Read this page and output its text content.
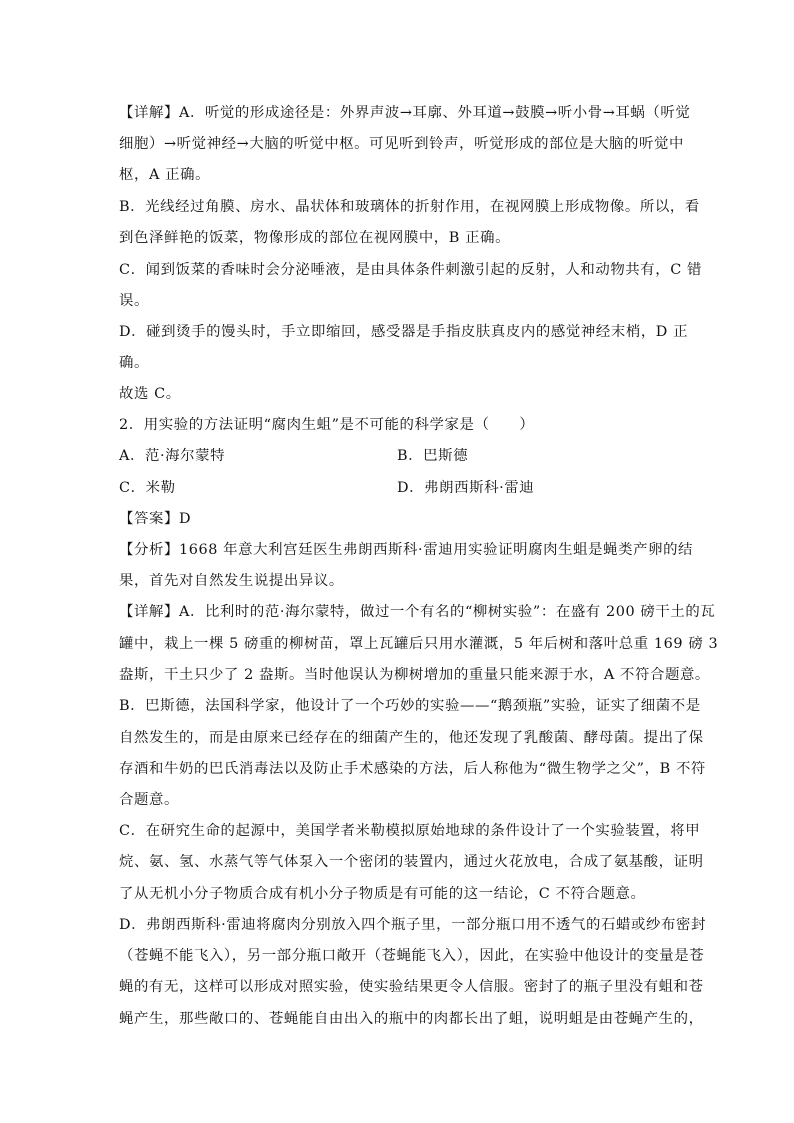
【详解】A．听觉的形成途径是：外界声波→耳廓、外耳道→鼓膜→听小骨→耳蜗（听觉
细胞）→听觉神经→大脑的听觉中枢。可见听到铃声，听觉形成的部位是大脑的听觉中
枢，A 正确。
B．光线经过角膜、房水、晶状体和玻璃体的折射作用，在视网膜上形成物像。所以，看
到色泽鲜艳的饭菜，物像形成的部位在视网膜中，B 正确。
C．闻到饭菜的香味时会分泌唾液，是由具体条件刺激引起的反射，人和动物共有，C 错
误。
D．碰到烫手的馒头时，手立即缩回，感受器是手指皮肤真皮内的感觉神经末梢，D 正
确。
故选 C。
2．用实验的方法证明“腐肉生蛆”是不可能的科学家是（　　）
A．范·海尔蒙特	B．巴斯德
C．米勒	D．弗朗西斯科·雷迪
【答案】D
【分析】1668 年意大利宫廷医生弗朗西斯科·雷迪用实验证明腐肉生蛆是蝇类产卵的结
果，首先对自然发生说提出异议。
【详解】A．比利时的范·海尔蒙特，做过一个有名的“柳树实验”：在盛有 200 磅干土的瓦
罐中，栽上一棵 5 磅重的柳树苗，罩上瓦罐后只用水灌溉，5 年后树和落叶总重 169 磅 3
盎斯，干土只少了 2 盎斯。当时他误认为柳树增加的重量只能来源于水，A 不符合题意。
B．巴斯德，法国科学家，他设计了一个巧妙的实验——“鹅颈瓶”实验，证实了细菌不是
自然发生的，而是由原来已经存在的细菌产生的，他还发现了乳酸菌、酵母菌。提出了保
存酒和牛奶的巴氏消毒法以及防止手术感染的方法，后人称他为“微生物学之父”，B 不符
合题意。
C．在研究生命的起源中，美国学者米勒模拟原始地球的条件设计了一个实验装置，将甲
烷、氨、氢、水蒸气等气体泵入一个密闭的装置内，通过火花放电，合成了氨基酸，证明
了从无机小分子物质合成有机小分子物质是有可能的这一结论，C 不符合题意。
D．弗朗西斯科·雷迪将腐肉分别放入四个瓶子里，一部分瓶口用不透气的石蜡或纱布密封
（苍蝇不能飞入），另一部分瓶口敞开（苍蝇能飞入），因此，在实验中他设计的变量是苍
蝇的有无，这样可以形成对照实验，使实验结果更令人信服。密封了的瓶子里没有蛆和苍
蝇产生，那些敞口的、苍蝇能自由出入的瓶中的肉都长出了蛆，说明蛆是由苍蝇产生的，
